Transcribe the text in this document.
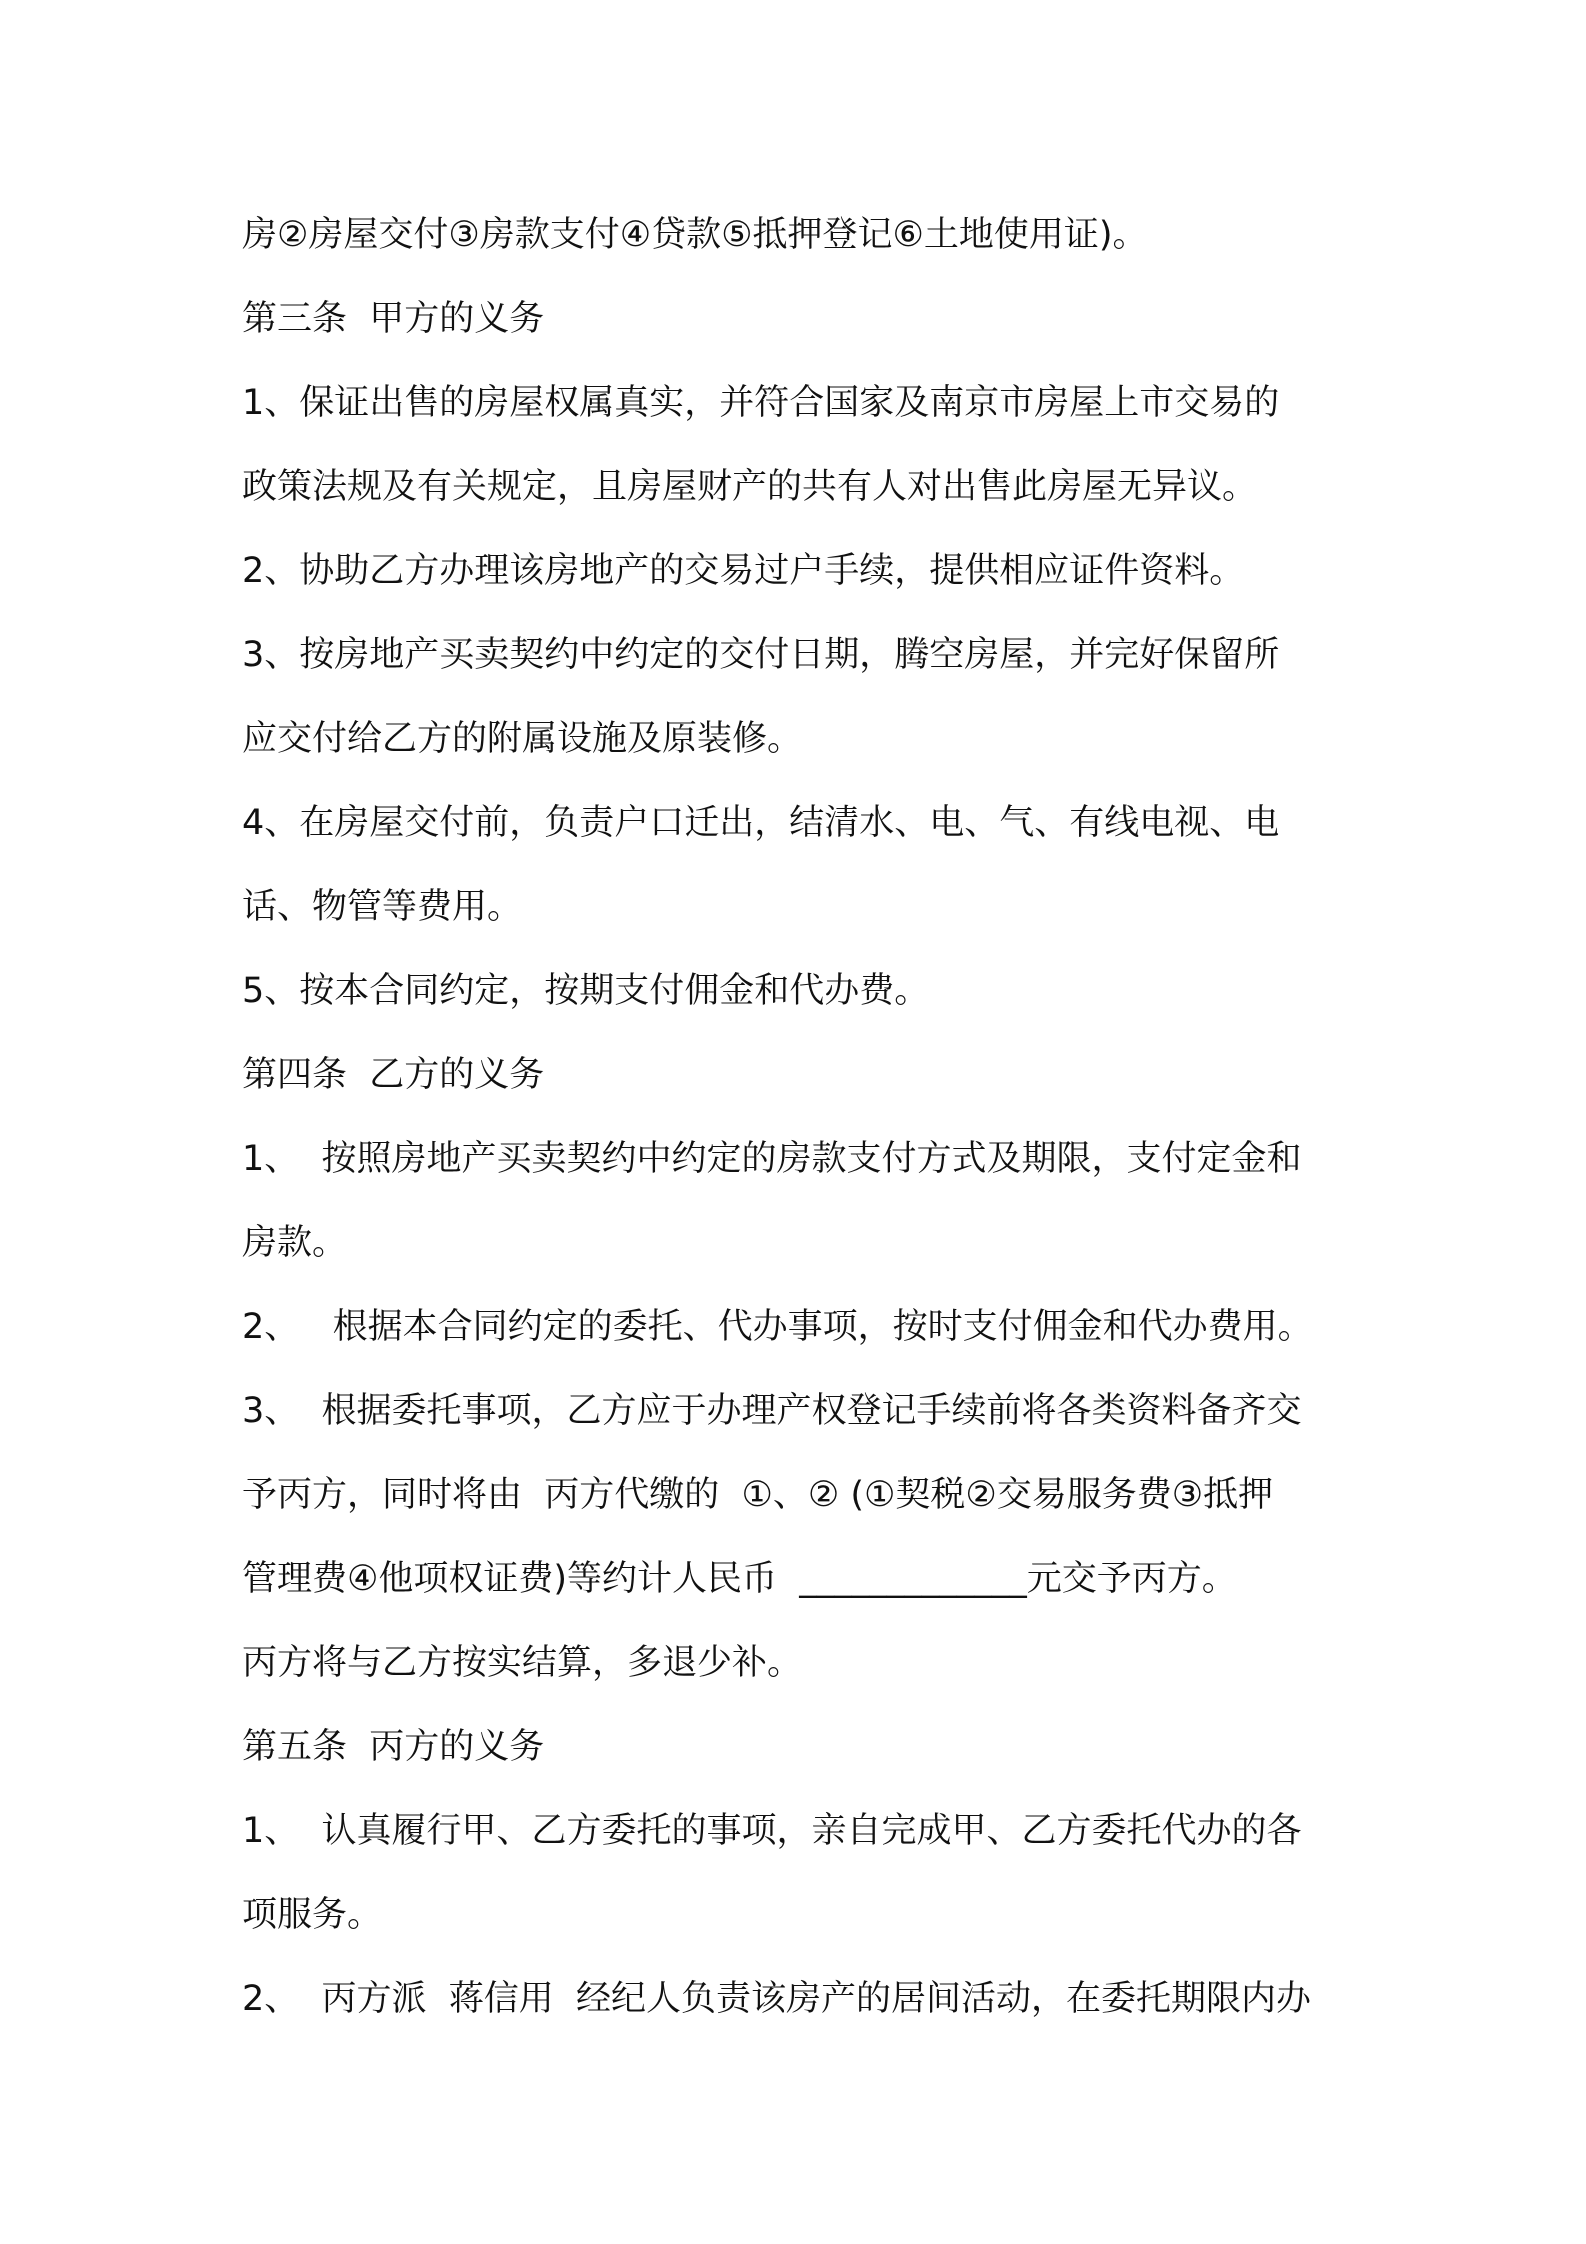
房②房屋交付③房款支付④贷款⑤抵押登记⑥土地使用证)。
第三条  甲方的义务
1、保证出售的房屋权属真实，并符合国家及南京市房屋上市交易的
政策法规及有关规定，且房屋财产的共有人对出售此房屋无异议。
2、协助乙方办理该房地产的交易过户手续，提供相应证件资料。
3、按房地产买卖契约中约定的交付日期，腾空房屋，并完好保留所
应交付给乙方的附属设施及原装修。
4、在房屋交付前，负责户口迁出，结清水、电、气、有线电视、电
话、物管等费用。
5、按本合同约定，按期支付佣金和代办费。
第四条  乙方的义务
1、  按照房地产买卖契约中约定的房款支付方式及期限，支付定金和
房款。
2、   根据本合同约定的委托、代办事项，按时支付佣金和代办费用。
3、  根据委托事项，乙方应于办理产权登记手续前将各类资料备齐交
予丙方，同时将由  丙方代缴的  ①、② (①契税②交易服务费③抵押
管理费④他项权证费)等约计人民币  _____________元交予丙方。
丙方将与乙方按实结算，多退少补。
第五条  丙方的义务
1、  认真履行甲、乙方委托的事项，亲自完成甲、乙方委托代办的各
项服务。
2、  丙方派  蒋信用  经纪人负责该房产的居间活动，在委托期限内办
